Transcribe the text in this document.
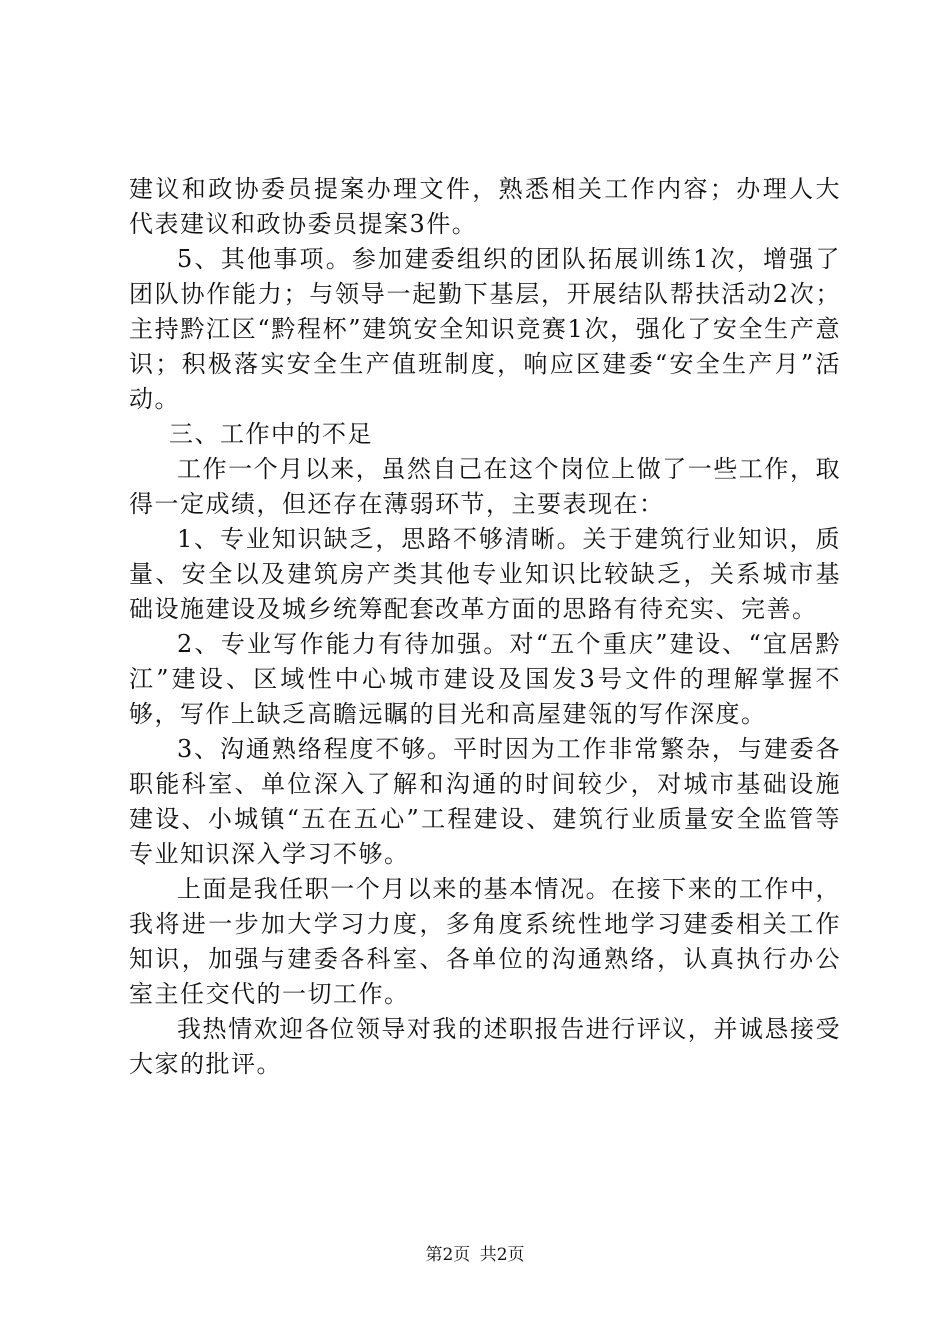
建议和政协委员提案办理文件，熟悉相关工作内容；办理人大代表建议和政协委员提案3件。

5、其他事项。参加建委组织的团队拓展训练1次，增强了团队协作能力；与领导一起勤下基层，开展结队帮扶活动2次；主持黔江区“黔程杯”建筑安全知识竞赛1次，强化了安全生产意识；积极落实安全生产值班制度，响应区建委“安全生产月”活动。

三、工作中的不足

工作一个月以来，虽然自己在这个岗位上做了一些工作，取得一定成绩，但还存在薄弱环节，主要表现在：

1、专业知识缺乏，思路不够清晰。关于建筑行业知识，质量、安全以及建筑房产类其他专业知识比较缺乏，关系城市基础设施建设及城乡统筹配套改革方面的思路有待充实、完善。

2、专业写作能力有待加强。对“五个重庆”建设、“宜居黔江”建设、区域性中心城市建设及国发3号文件的理解掌握不够，写作上缺乏高瞻远瞩的目光和高屋建瓴的写作深度。

3、沟通熟络程度不够。平时因为工作非常繁杂，与建委各职能科室、单位深入了解和沟通的时间较少，对城市基础设施建设、小城镇“五在五心”工程建设、建筑行业质量安全监管等专业知识深入学习不够。

上面是我任职一个月以来的基本情况。在接下来的工作中，我将进一步加大学习力度，多角度系统性地学习建委相关工作知识，加强与建委各科室、各单位的沟通熟络，认真执行办公室主任交代的一切工作。

我热情欢迎各位领导对我的述职报告进行评议，并诚恳接受大家的批评。

第2页 共2页
